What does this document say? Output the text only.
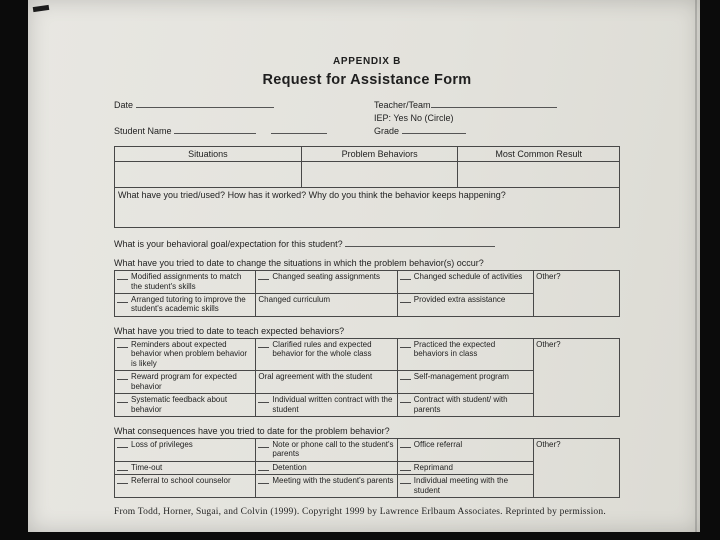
APPENDIX B
Request for Assistance Form
Date	Teacher/Team
IEP: Yes No (Circle)
Student Name	Grade
Situations	Problem Behaviors	Most Common Result

What have you tried/used? How has it worked? Why do you think the behavior keeps happening?		
What is your behavioral goal/expectation for this student?
What have you tried to date to change the situations in which the problem behavior(s) occur?
Modified assignments to match the student's skills	Changed seating assignments	Changed schedule of activities	Other?

Arranged tutoring to improve the student's academic skills	Changed curriculum	Provided extra assistance	
What have you tried to date to teach expected behaviors?
Reminders about expected behavior when problem behavior is likely	Clarified rules and expected behavior for the whole class	Practiced the expected behaviors in class	Other?

Reward program for expected behavior	Oral agreement with the student	Self-management program	

Systematic feedback about behavior	Individual written contract with the student	Contract with student/ with parents	
What consequences have you tried to date for the problem behavior?
Loss of privileges	Note or phone call to the student's parents	Office referral	Other?

Time-out	Detention	Reprimand	

Referral to school counselor	Meeting with the student's parents	Individual meeting with the student	
From Todd, Horner, Sugai, and Colvin (1999). Copyright 1999 by Lawrence Erlbaum Associates. Reprinted by permission.
